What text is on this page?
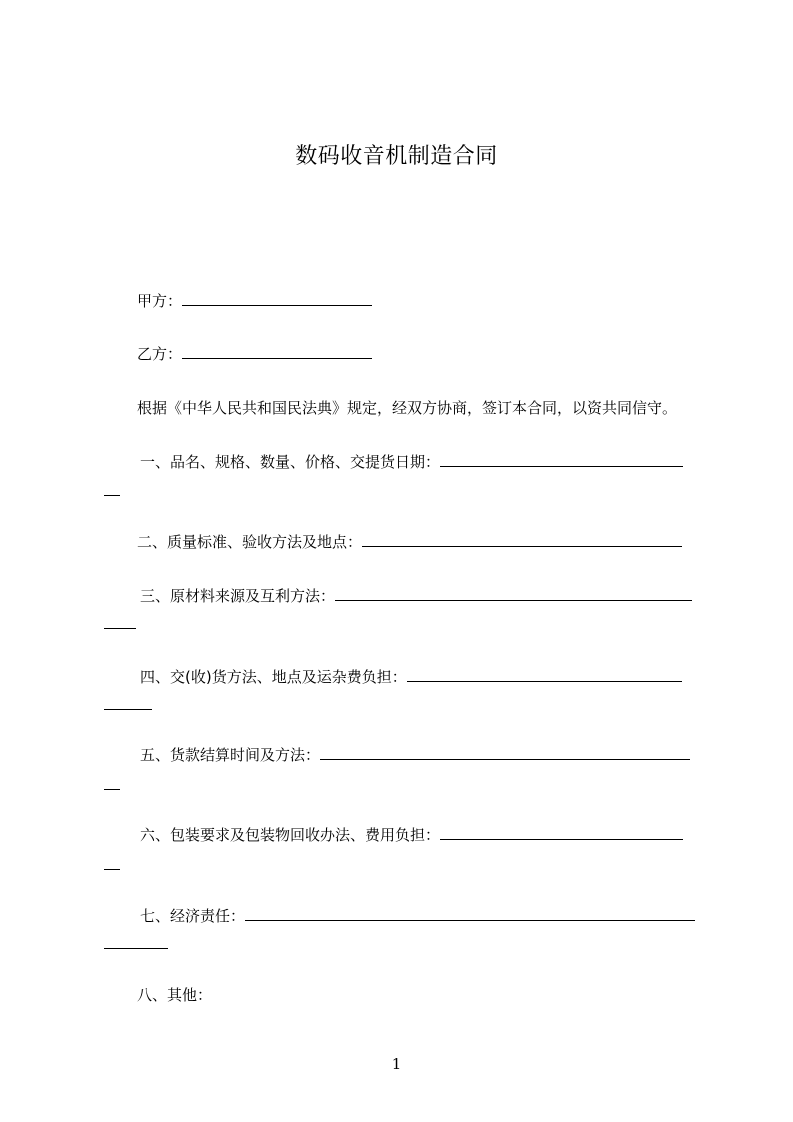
数码收音机制造合同
甲方：
乙方：
根据《中华人民共和国民法典》规定，经双方协商，签订本合同，以资共同信守。
一、品名、规格、数量、价格、交提货日期：
二、质量标准、验收方法及地点：
三、原材料来源及互利方法：
四、交(收)货方法、地点及运杂费负担：
五、货款结算时间及方法：
六、包装要求及包装物回收办法、费用负担：
七、经济责任：
八、其他：
1
